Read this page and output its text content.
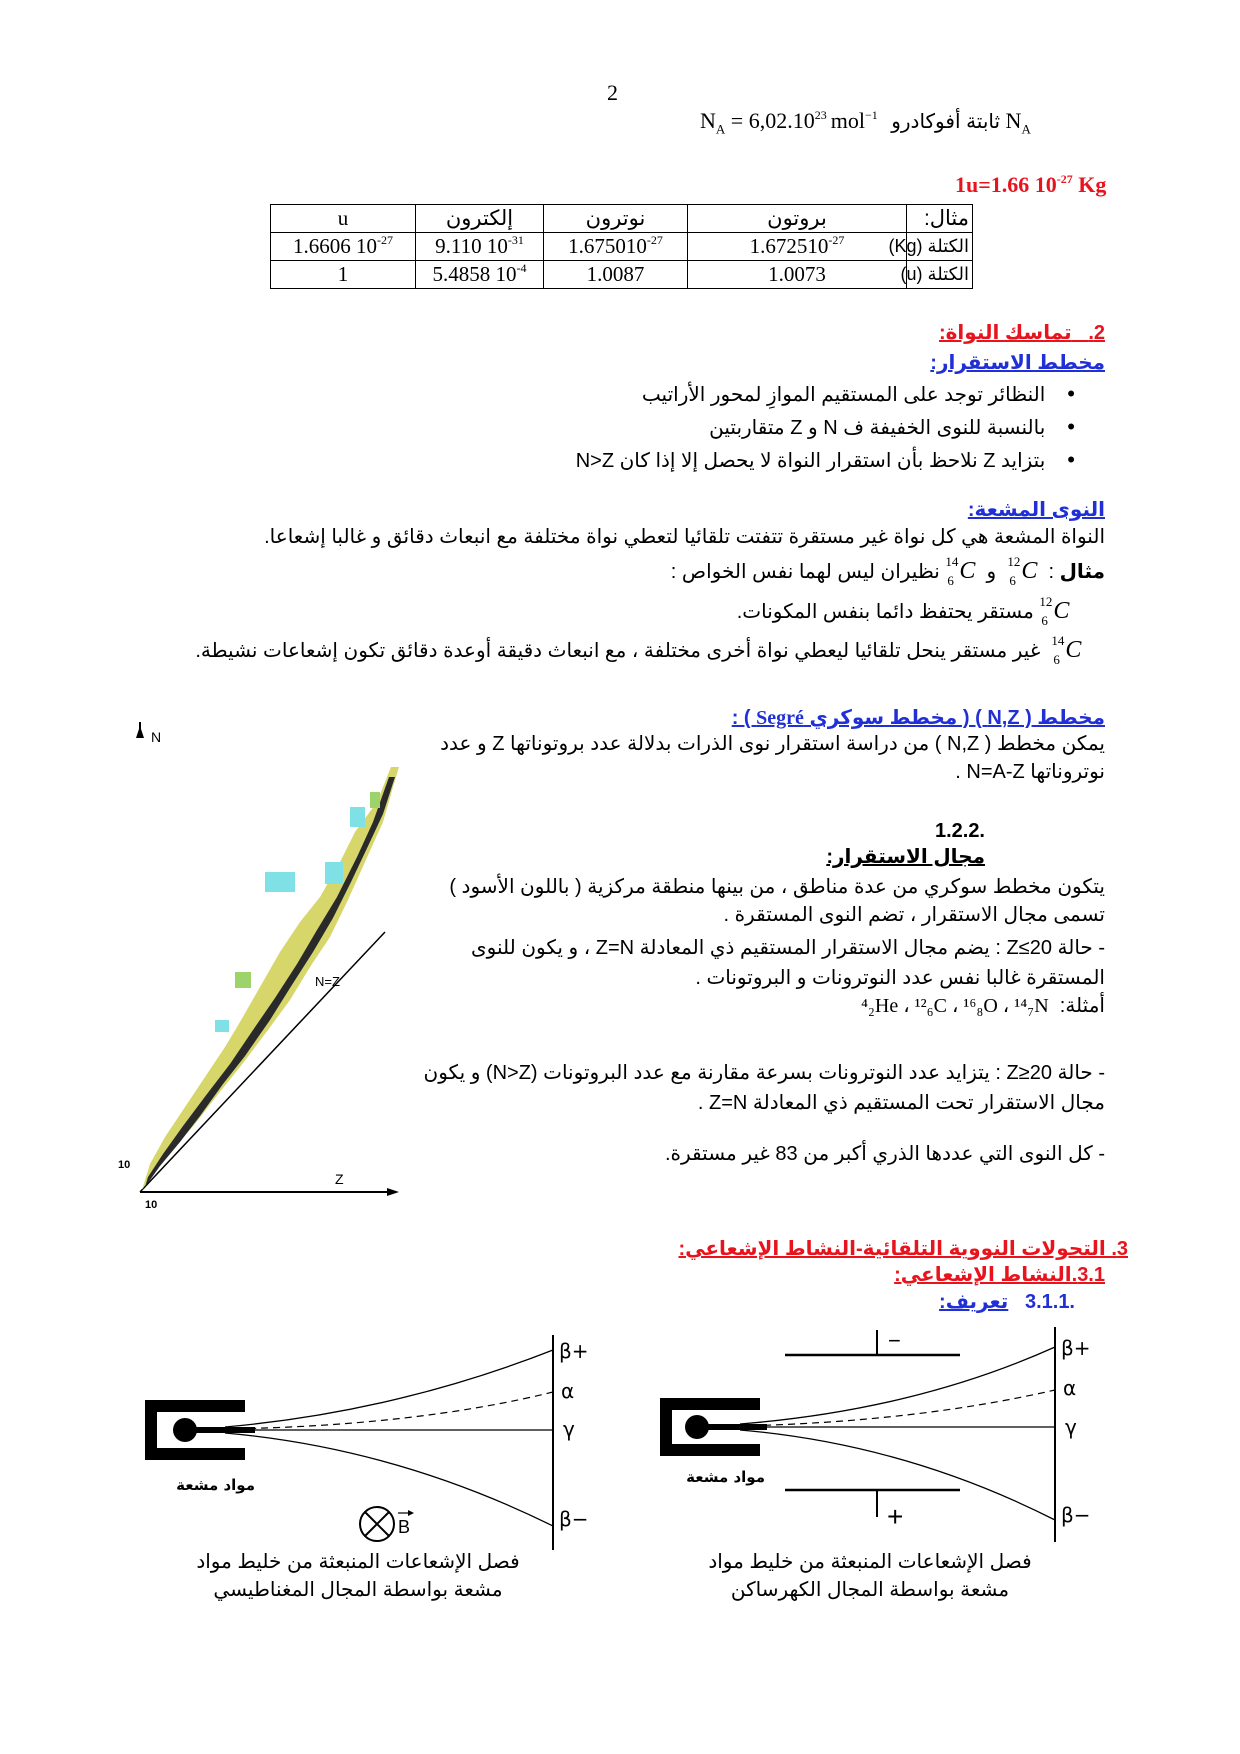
2
$N_A = 6,02.10^{23}$ mol$^{-1}$ ثابتة أفوكادرو $N_A$
1u=1.66 $10^{-27}$ Kg
u	إلكترون	نوترون	بروتون	مثال:
1.6606 $10^{-27}$	9.110 $10^{-31}$	$1.675010^{-27}$	$1.672510^{-27}$	الكتلة (Kg)
1	5.4858 $10^{-4}$	1.0087	1.0073	الكتلة (u)
2.   تماسك النواة:
مخطط الاستقرار:
•النظائر توجد على المستقيم الموازِ لمحور الأراتيب
•بالنسبة للنوى الخفيفة ف N و Z متقاربتين
•بتزايد Z نلاحظ بأن استقرار النواة لا يحصل إلا إذا كان N>Z
النوى المشعة:
النواة المشعة هي كل نواة غير مستقرة تتفتت تلقائيا لتعطي نواة مختلفة مع انبعاث دقائق و غالبا إشعاعا.
مثال :
12
6 C  و
14
6 C نظيران ليس لهما نفس الخواص :

12
6 C مستقر يحتفظ دائما بنفس المكونات.

14
6 C  غير مستقر ينحل تلقائيا ليعطي نواة أخرى مختلفة ، مع انبعاث دقيقة أوعدة دقائق تكون إشعاعات نشيطة.
مخطط ( N,Z ) ( مخطط سوكري Segré ) :
N
Z
10
10
N=Z
يمكن مخطط ( N,Z ) من دراسة استقرار نوى الذرات بدلالة عدد بروتوناتها Z و عدد نوتروناتها N=A-Z .
1.2.2.
مجال الاستقرار:
يتكون مخطط سوكري من عدة مناطق ، من بينها منطقة مركزية ( باللون الأسود ) تسمى مجال الاستقرار ، تضم النوى المستقرة .
- حالة Z≤20 : يضم مجال الاستقرار المستقيم ذي المعادلة Z=N ، و يكون للنوى المستقرة غالبا نفس عدد النوترونات و البروتونات .
أمثلة:  ⁴₂He ، ¹²₆C ، ¹⁶₈O ، ¹⁴₇N
- حالة Z≥20 : يتزايد عدد النوترونات بسرعة مقارنة مع عدد البروتونات (N>Z) و يكون مجال الاستقرار تحت المستقيم ذي المعادلة Z=N .
- كل النوى التي عددها الذري أكبر من 83 غير مستقرة.
3. التحولات النووية التلقائية-النشاط الإشعاعي:
3.1.النشاط الإشعاعي:
3.1.1.   تعريف:
β+
α
γ
β−
B
مواد مشعة
−
+
β+
α
γ
β−
مواد مشعة
فصل الإشعاعات المنبعثة من خليط مواد مشعة بواسطة المجال المغناطيسي
فصل الإشعاعات المنبعثة من خليط مواد مشعة بواسطة المجال الكهرساكن
